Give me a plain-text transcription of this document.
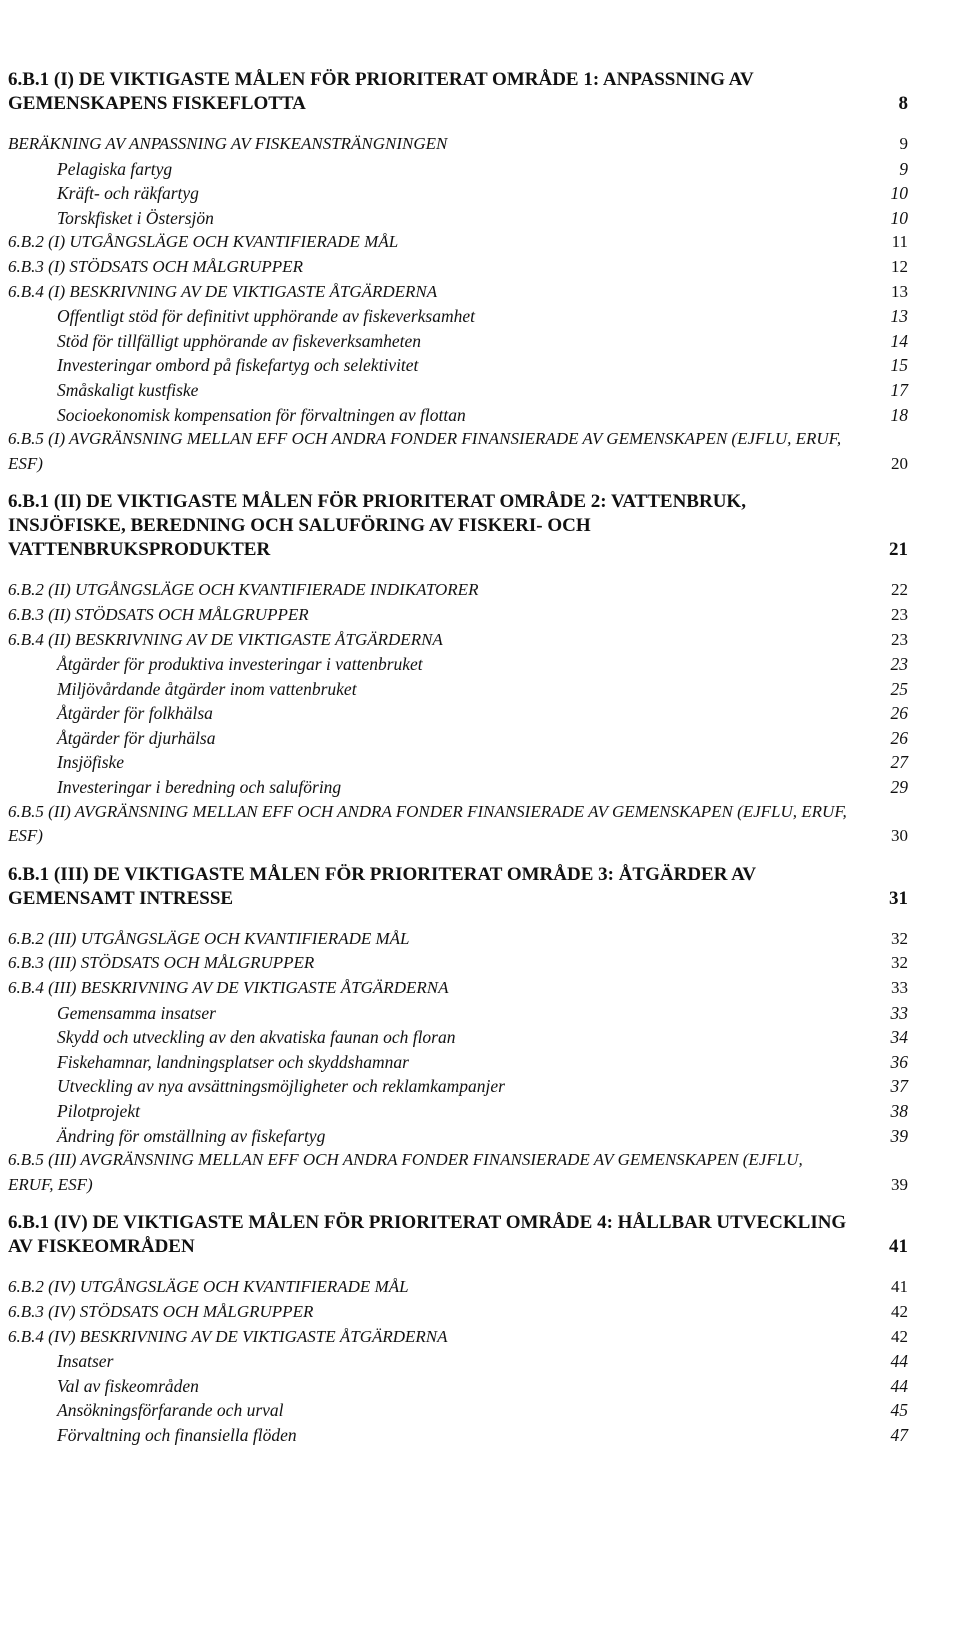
6.B.1 (I) DE VIKTIGASTE MÅLEN FÖR PRIORITERAT OMRÅDE 1: ANPASSNING AV GEMENSKAPENS FISKEFLOTTA	8
BERÄKNING AV ANPASSNING AV FISKEANSTRÄNGNINGEN	9
Pelagiska fartyg	9
Kräft- och räkfartyg	10
Torskfisket i Östersjön	10
6.B.2 (I) UTGÅNGSLÄGE OCH KVANTIFIERADE MÅL	11
6.B.3 (I) STÖDSATS OCH MÅLGRUPPER	12
6.B.4 (I) BESKRIVNING AV DE VIKTIGASTE ÅTGÄRDERNA	13
Offentligt stöd för definitivt upphörande av fiskeverksamhet	13
Stöd för tillfälligt upphörande av fiskeverksamheten	14
Investeringar ombord på fiskefartyg och selektivitet	15
Småskaligt kustfiske	17
Socioekonomisk kompensation för förvaltningen av flottan	18
6.B.5 (I) AVGRÄNSNING MELLAN EFF OCH ANDRA FONDER FINANSIERADE AV GEMENSKAPEN (EJFLU, ERUF, ESF)	20
6.B.1 (II) DE VIKTIGASTE MÅLEN FÖR PRIORITERAT OMRÅDE 2: VATTENBRUK, INSJÖFISKE, BEREDNING OCH SALUFÖRING AV FISKERI- OCH VATTENBRUKSPRODUKTER	21
6.B.2 (II) UTGÅNGSLÄGE OCH KVANTIFIERADE INDIKATORER	22
6.B.3 (II) STÖDSATS OCH MÅLGRUPPER	23
6.B.4 (II) BESKRIVNING AV DE VIKTIGASTE ÅTGÄRDERNA	23
Åtgärder för produktiva investeringar i vattenbruket	23
Miljövårdande åtgärder inom vattenbruket	25
Åtgärder för folkhälsa	26
Åtgärder för djurhälsa	26
Insjöfiske	27
Investeringar i beredning och saluföring	29
6.B.5 (II) AVGRÄNSNING MELLAN EFF OCH ANDRA FONDER FINANSIERADE AV GEMENSKAPEN (EJFLU, ERUF, ESF)	30
6.B.1 (III) DE VIKTIGASTE MÅLEN FÖR PRIORITERAT OMRÅDE 3: ÅTGÄRDER AV GEMENSAMT INTRESSE	31
6.B.2 (III) UTGÅNGSLÄGE OCH KVANTIFIERADE MÅL	32
6.B.3 (III) STÖDSATS OCH MÅLGRUPPER	32
6.B.4 (III) BESKRIVNING AV DE VIKTIGASTE ÅTGÄRDERNA	33
Gemensamma insatser	33
Skydd och utveckling av den akvatiska faunan och floran	34
Fiskehamnar, landningsplatser och skyddshamnar	36
Utveckling av nya avsättningsmöjligheter och reklamkampanjer	37
Pilotprojekt	38
Ändring för omställning av fiskefartyg	39
6.B.5 (III) AVGRÄNSNING MELLAN EFF OCH ANDRA FONDER FINANSIERADE AV GEMENSKAPEN (EJFLU, ERUF, ESF)	39
6.B.1 (IV) DE VIKTIGASTE MÅLEN FÖR PRIORITERAT OMRÅDE 4: HÅLLBAR UTVECKLING AV FISKEOMRÅDEN	41
6.B.2 (IV) UTGÅNGSLÄGE OCH KVANTIFIERADE MÅL	41
6.B.3 (IV) STÖDSATS OCH MÅLGRUPPER	42
6.B.4 (IV) BESKRIVNING AV DE VIKTIGASTE ÅTGÄRDERNA	42
Insatser	44
Val av fiskeområden	44
Ansökningsförfarande och urval	45
Förvaltning och finansiella flöden	47
